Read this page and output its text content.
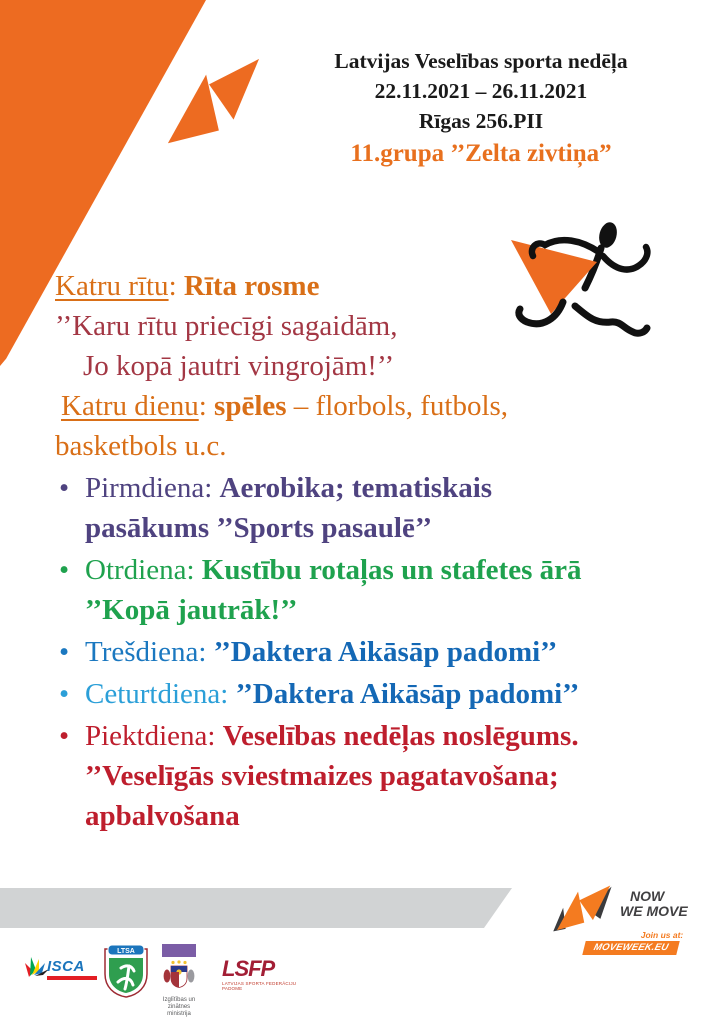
Latvijas Veselības sporta nedēļa
22.11.2021 – 26.11.2021
Rīgas 256.PII
11.grupa ’’Zelta zivtiņa”
Katru rītu: Rīta rosme
’’Karu rītu priecīgi sagaidām,
Jo kopā jautri vingrojām!’’
Katru dienu: spēles – florbols, futbols,
basketbols u.c.
• Pirmdiena: Aerobika; tematiskais
pasākums ’’Sports pasaulē’’
• Otrdiena: Kustību rotaļas un stafetes ārā
’’Kopā jautrāk!’’
• Trešdiena: ’’Daktera Aikāsāp padomi’’
• Ceturtdiena: ’’Daktera Aikāsāp padomi’’
• Piektdiena: Veselības nedēļas noslēgums.
’’Veselīgās sviestmaizes pagatavošana;
apbalvošana
NOW
WE MOVE
Join us at:
MOVEWEEK.EU
ISCA
LTSA
Izglītības un zinātnes
ministrija
LSFP
LATVIJAS SPORTA FEDERĀCIJU PADOME
